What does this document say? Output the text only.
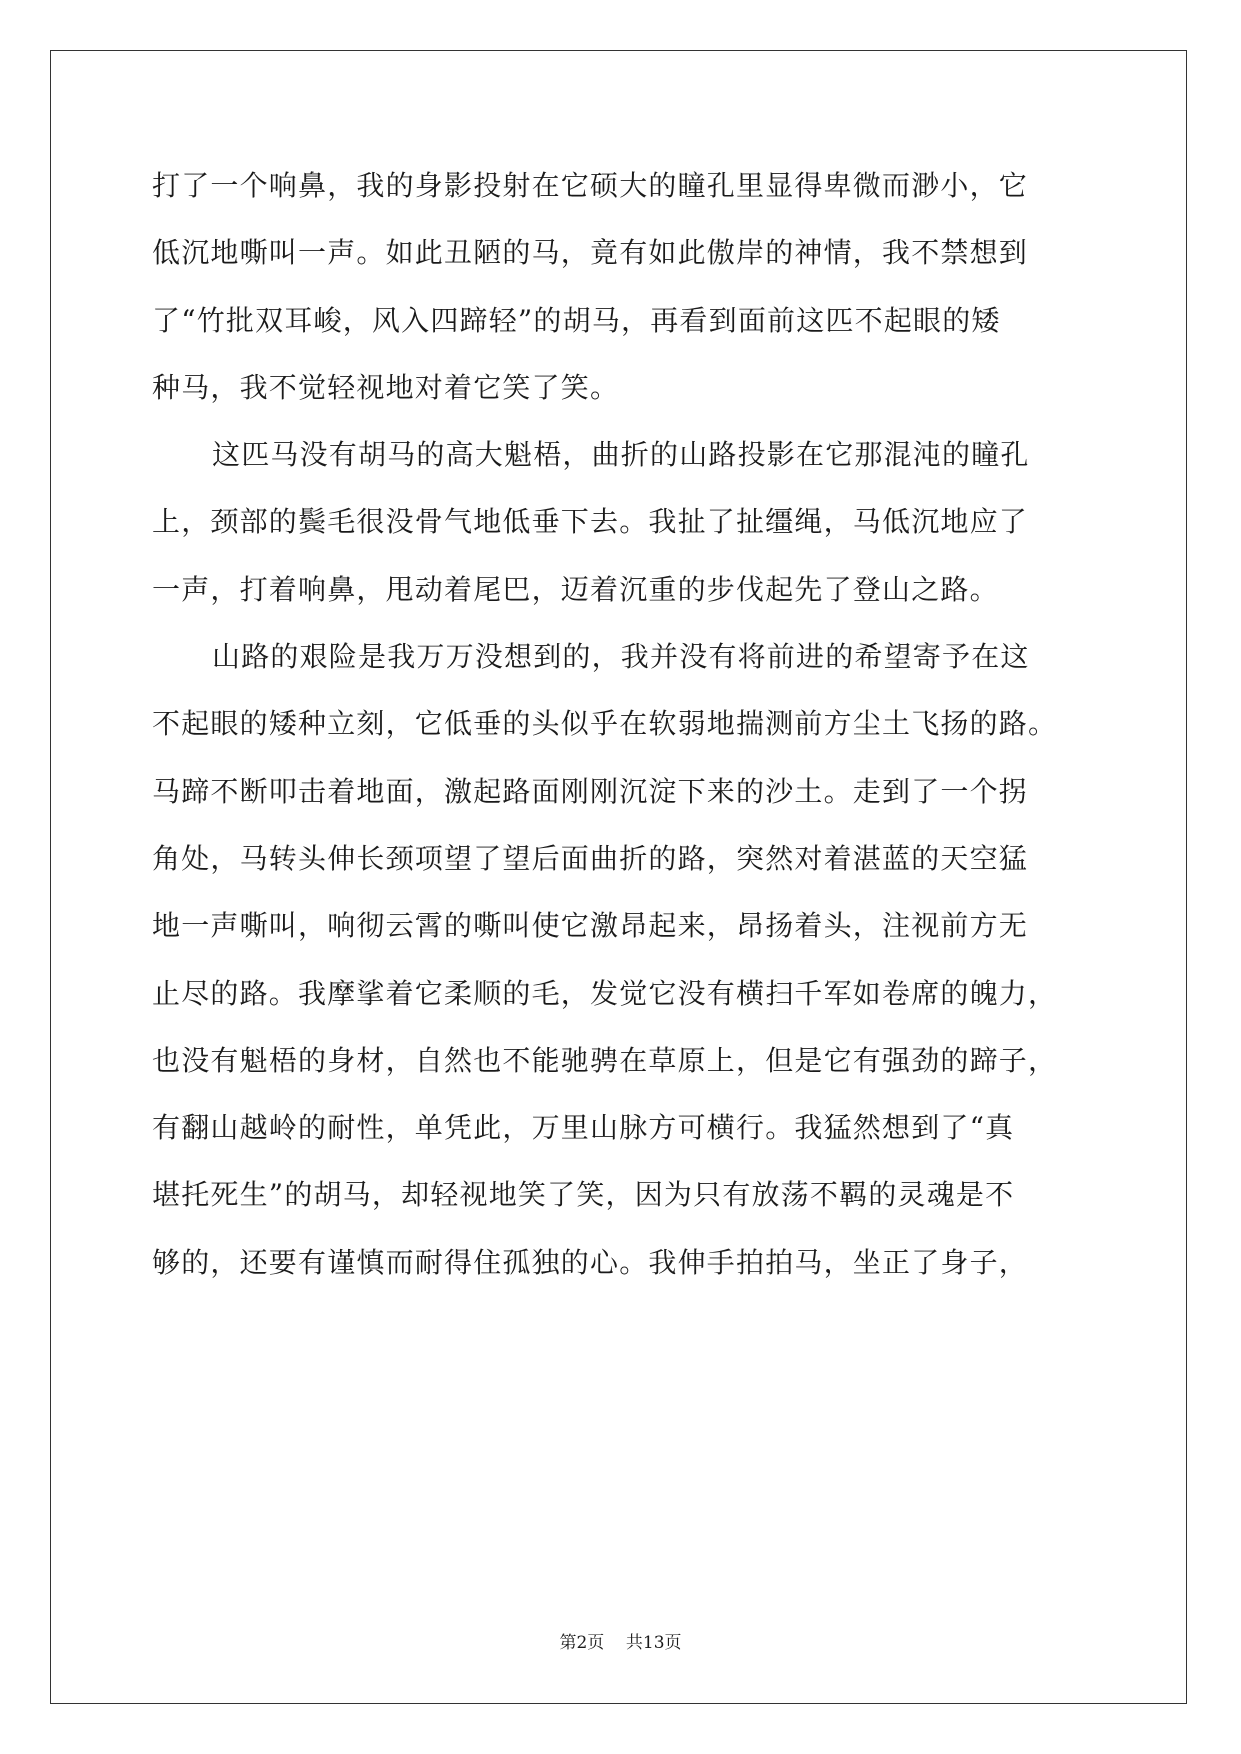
打了一个响鼻，我的身影投射在它硕大的瞳孔里显得卑微而渺小，它
低沉地嘶叫一声。如此丑陋的马，竟有如此傲岸的神情，我不禁想到
了“竹批双耳峻，风入四蹄轻”的胡马，再看到面前这匹不起眼的矮
种马，我不觉轻视地对着它笑了笑。
这匹马没有胡马的高大魁梧，曲折的山路投影在它那混沌的瞳孔
上，颈部的鬓毛很没骨气地低垂下去。我扯了扯缰绳，马低沉地应了
一声，打着响鼻，甩动着尾巴，迈着沉重的步伐起先了登山之路。
山路的艰险是我万万没想到的，我并没有将前进的希望寄予在这
不起眼的矮种立刻，它低垂的头似乎在软弱地揣测前方尘土飞扬的路。
马蹄不断叩击着地面，激起路面刚刚沉淀下来的沙土。走到了一个拐
角处，马转头伸长颈项望了望后面曲折的路，突然对着湛蓝的天空猛
地一声嘶叫，响彻云霄的嘶叫使它激昂起来，昂扬着头，注视前方无
止尽的路。我摩挲着它柔顺的毛，发觉它没有横扫千军如卷席的魄力，
也没有魁梧的身材，自然也不能驰骋在草原上，但是它有强劲的蹄子，
有翻山越岭的耐性，单凭此，万里山脉方可横行。我猛然想到了“真
堪托死生”的胡马，却轻视地笑了笑，因为只有放荡不羁的灵魂是不
够的，还要有谨慎而耐得住孤独的心。我伸手拍拍马，坐正了身子，
第2页    共13页
